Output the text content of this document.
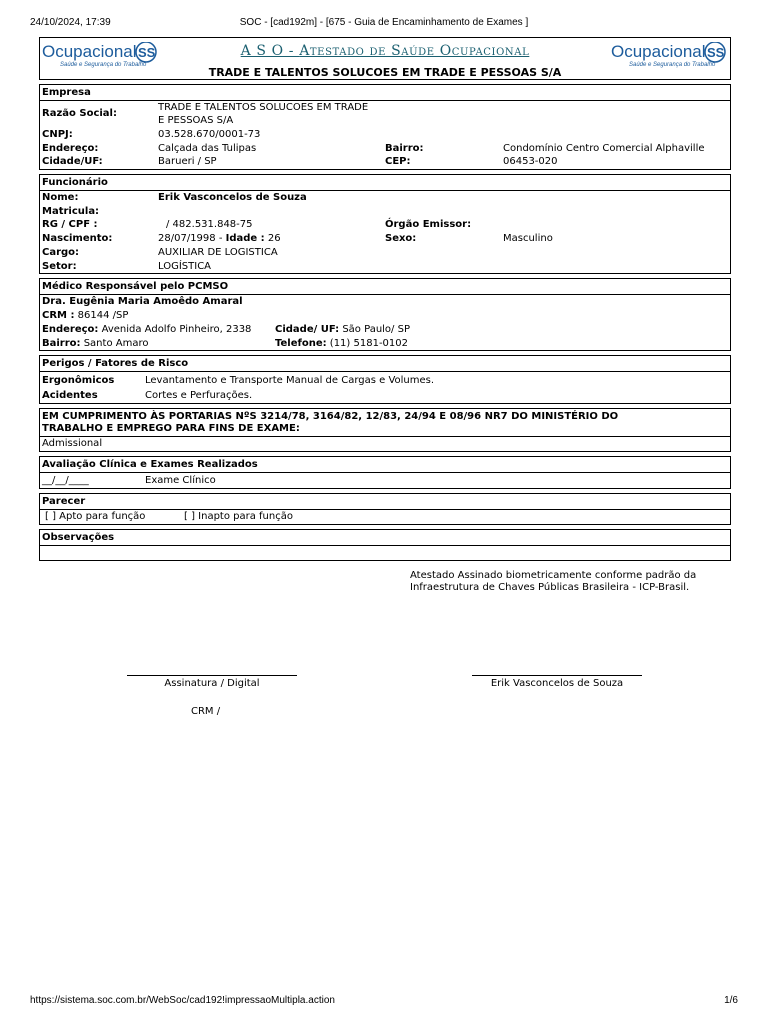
24/10/2024, 17:39	SOC - [cad192m] - [675 - Guia de Encaminhamento de Exames ]
Ocupacional SS
Saúde e Segurança do Trabalho
A S O - Atestado de Saúde Ocupacional
TRADE E TALENTOS SOLUCOES EM TRADE E PESSOAS S/A
Ocupacional SS
Saúde e Segurança do Trabalho
Empresa
Razão Social:
TRADE E TALENTOS SOLUCOES EM TRADE
E PESSOAS S/A
CNPJ:	03.528.670/0001-73
Endereço:	Calçada das Tulipas	Bairro:	Condomínio Centro Comercial Alphaville
Cidade/UF:	Barueri / SP	CEP:	06453-020
Funcionário
Nome:	Erik Vasconcelos de Souza
Matricula:
RG / CPF :	/ 482.531.848-75	Órgão Emissor:
Nascimento:	28/07/1998 - Idade : 26	Sexo:	Masculino
Cargo:	AUXILIAR DE LOGISTICA
Setor:	LOGÍSTICA
Médico Responsável pelo PCMSO
Dra. Eugênia Maria Amoêdo Amaral
CRM : 86144 /SP
Endereço: Avenida Adolfo Pinheiro, 2338 Cidade/ UF: São Paulo/ SP
Bairro: Santo Amaro	Telefone: (11) 5181-0102
Perigos / Fatores de Risco
Ergonômicos	Levantamento e Transporte Manual de Cargas e Volumes.
Acidentes	Cortes e Perfurações.
EM CUMPRIMENTO ÀS PORTARIAS NºS 3214/78, 3164/82, 12/83, 24/94 E 08/96 NR7 DO MINISTÉRIO DO
TRABALHO E EMPREGO PARA FINS DE EXAME:
Admissional
Avaliação Clínica e Exames Realizados
__/__/____	Exame Clínico
Parecer
[ ] Apto para função	[ ] Inapto para função
Observações
Atestado Assinado biometricamente conforme padrão da
Infraestrutura de Chaves Públicas Brasileira - ICP-Brasil.
Assinatura / Digital
CRM /
Erik Vasconcelos de Souza
https://sistema.soc.com.br/WebSoc/cad192!impressaoMultipla.action	1/6
